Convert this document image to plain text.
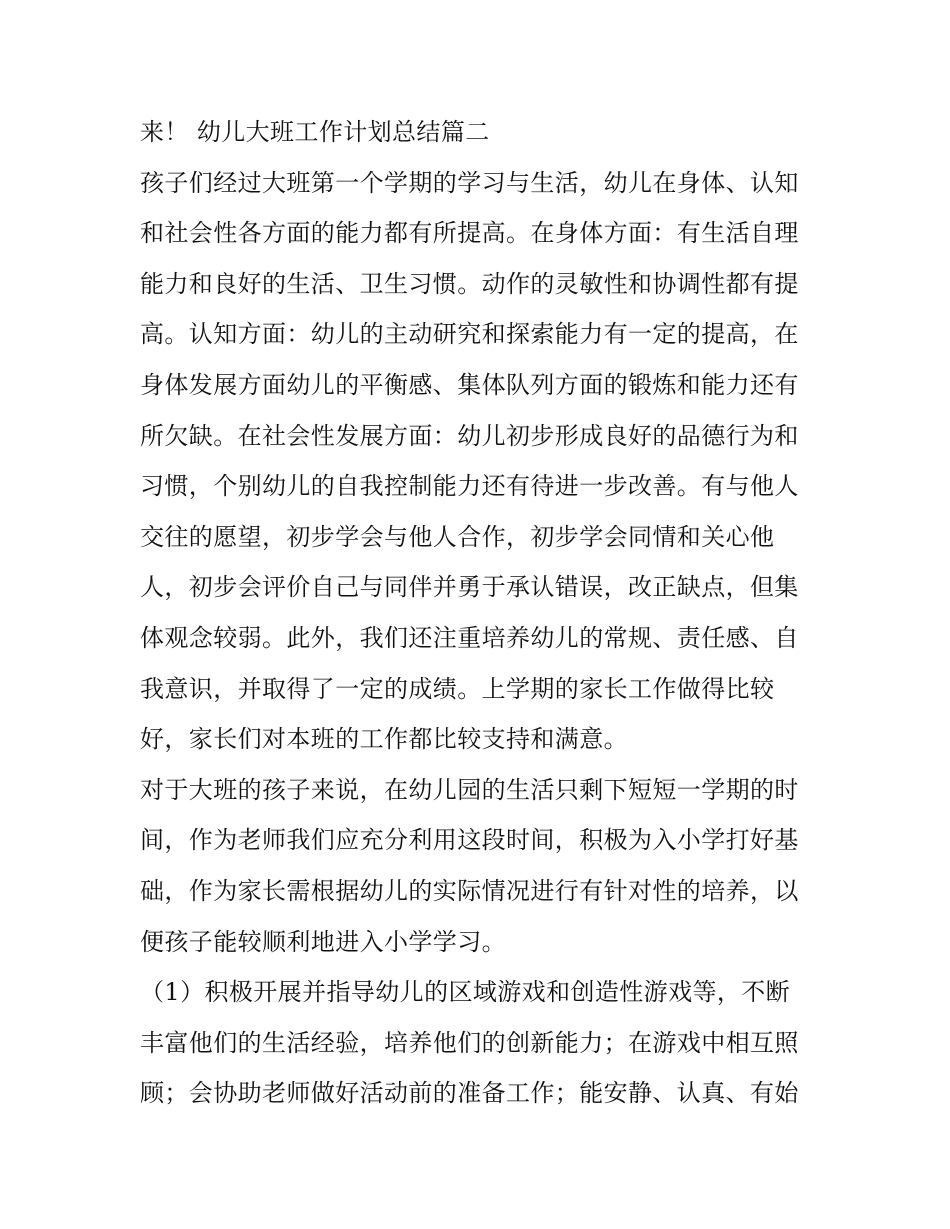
来！ 幼儿大班工作计划总结篇二
孩子们经过大班第一个学期的学习与生活，幼儿在身体、认知
和社会性各方面的能力都有所提高。在身体方面：有生活自理
能力和良好的生活、卫生习惯。动作的灵敏性和协调性都有提
高。认知方面：幼儿的主动研究和探索能力有一定的提高，在
身体发展方面幼儿的平衡感、集体队列方面的锻炼和能力还有
所欠缺。在社会性发展方面：幼儿初步形成良好的品德行为和
习惯，个别幼儿的自我控制能力还有待进一步改善。有与他人
交往的愿望，初步学会与他人合作，初步学会同情和关心他
人，初步会评价自己与同伴并勇于承认错误，改正缺点，但集
体观念较弱。此外，我们还注重培养幼儿的常规、责任感、自
我意识，并取得了一定的成绩。上学期的家长工作做得比较
好，家长们对本班的工作都比较支持和满意。
对于大班的孩子来说，在幼儿园的生活只剩下短短一学期的时
间，作为老师我们应充分利用这段时间，积极为入小学打好基
础，作为家长需根据幼儿的实际情况进行有针对性的培养，以
便孩子能较顺利地进入小学学习。
（1）积极开展并指导幼儿的区域游戏和创造性游戏等，不断
丰富他们的生活经验，培养他们的创新能力；在游戏中相互照
顾；会协助老师做好活动前的准备工作；能安静、认真、有始
